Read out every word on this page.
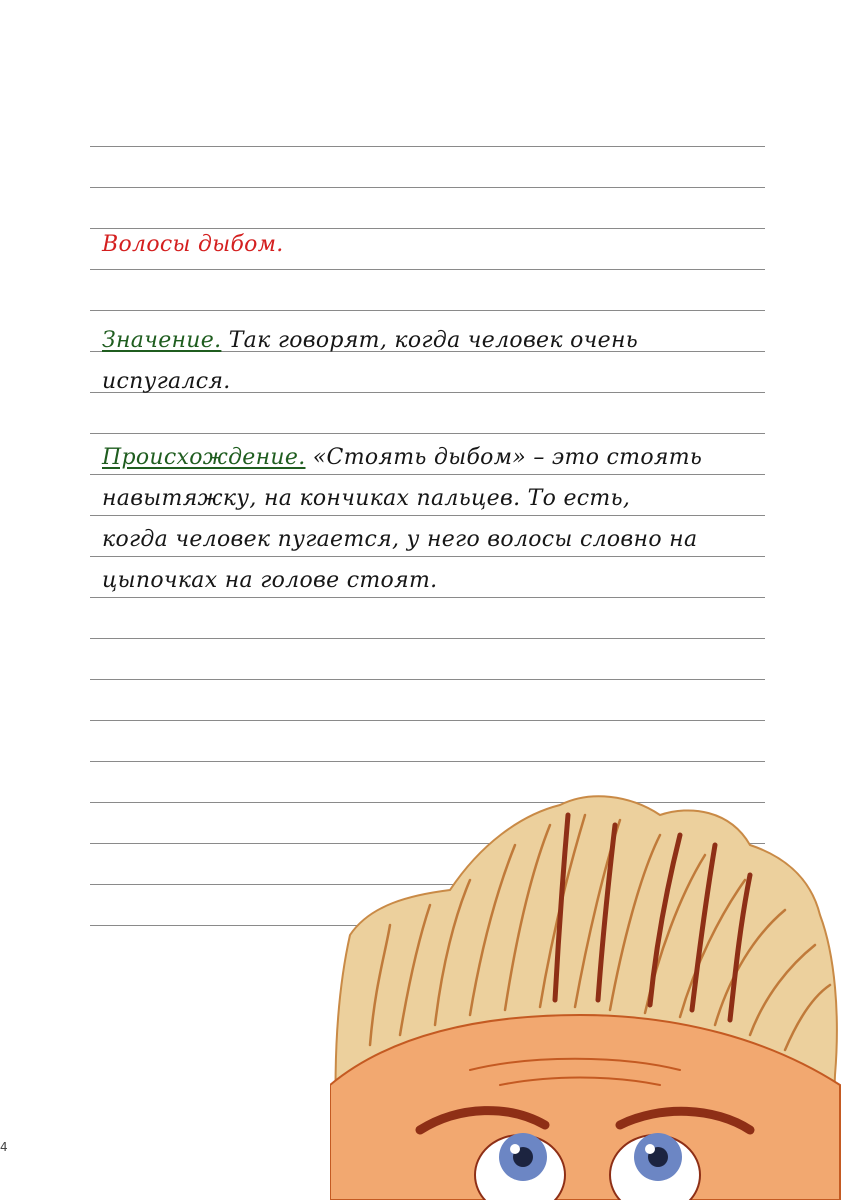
Волосы дыбом.
Значение. Так говорят, когда человек очень
испугался.
Происхождение. «Стоять дыбом» – это стоять
навытяжку, на кончиках пальцев. То есть,
когда человек пугается, у него волосы словно на
цыпочках на голове стоят.
4
